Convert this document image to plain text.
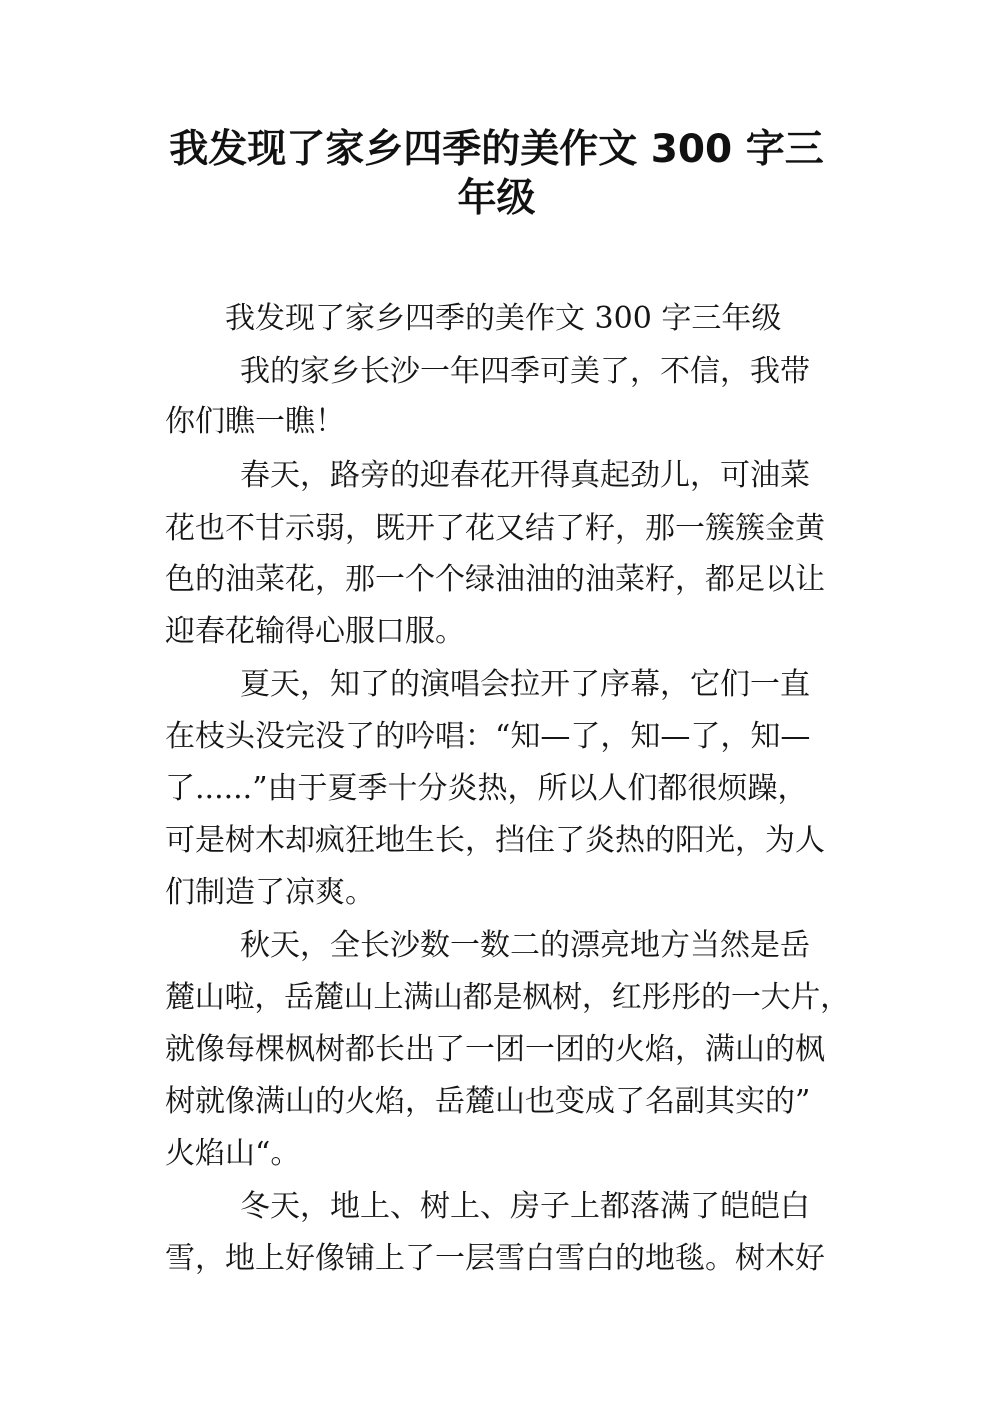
我发现了家乡四季的美作文 300 字三
年级
我发现了家乡四季的美作文 300 字三年级
我的家乡长沙一年四季可美了，不信，我带
你们瞧一瞧！
春天，路旁的迎春花开得真起劲儿，可油菜
花也不甘示弱，既开了花又结了籽，那一簇簇金黄
色的油菜花，那一个个绿油油的油菜籽，都足以让
迎春花输得心服口服。
夏天，知了的演唱会拉开了序幕，它们一直
在枝头没完没了的吟唱：“知—了，知—了，知—
了......”由于夏季十分炎热，所以人们都很烦躁，
可是树木却疯狂地生长，挡住了炎热的阳光，为人
们制造了凉爽。
秋天，全长沙数一数二的漂亮地方当然是岳
麓山啦，岳麓山上满山都是枫树，红彤彤的一大片，
就像每棵枫树都长出了一团一团的火焰，满山的枫
树就像满山的火焰，岳麓山也变成了名副其实的”
火焰山“。
冬天，地上、树上、房子上都落满了皑皑白
雪，地上好像铺上了一层雪白雪白的地毯。树木好
